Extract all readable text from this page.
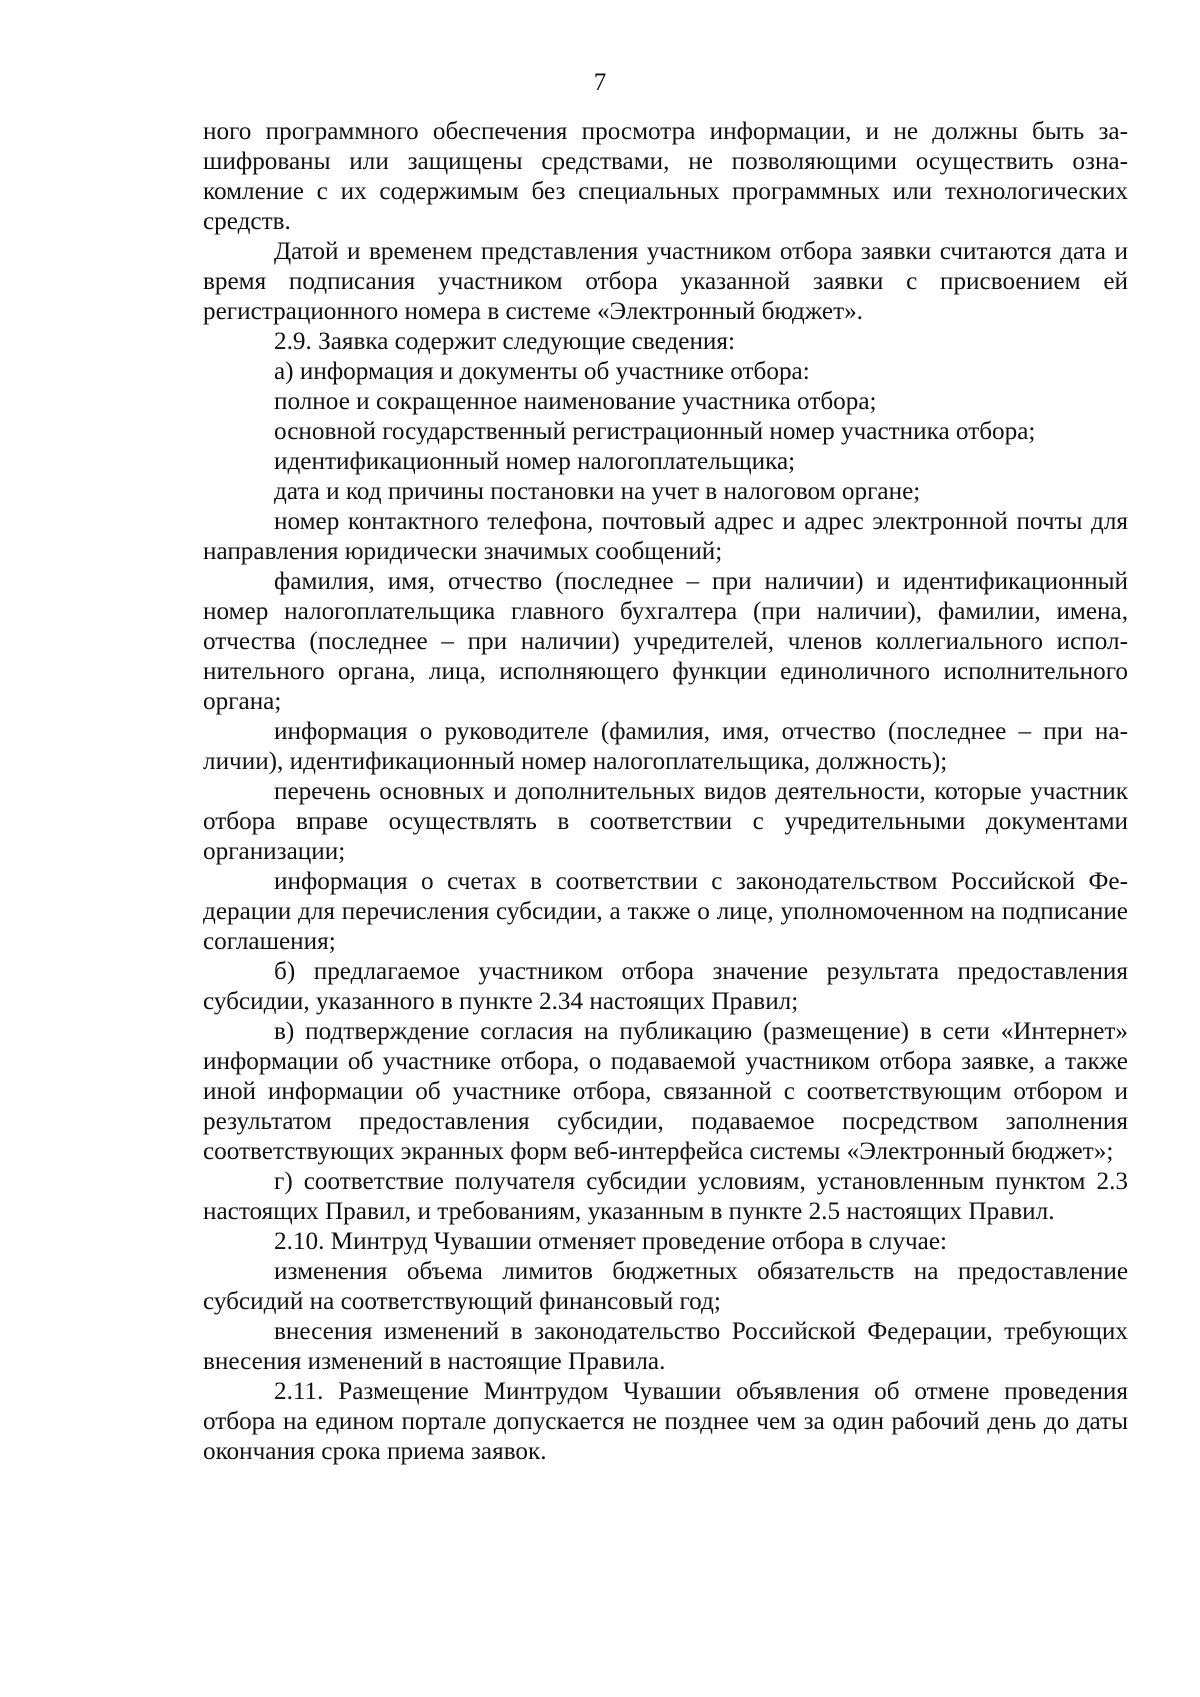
7

ного программного обеспечения просмотра информации, и не должны быть зашифрованы или защищены средствами, не позволяющими осуществить ознакомление с их содержимым без специальных программных или технологических средств.

Датой и временем представления участником отбора заявки считаются дата и время подписания участником отбора указанной заявки с присвоением ей регистрационного номера в системе «Электронный бюджет».

2.9. Заявка содержит следующие сведения:

а) информация и документы об участнике отбора:

полное и сокращенное наименование участника отбора;

основной государственный регистрационный номер участника отбора;

идентификационный номер налогоплательщика;

дата и код причины постановки на учет в налоговом органе;

номер контактного телефона, почтовый адрес и адрес электронной почты для направления юридически значимых сообщений;

фамилия, имя, отчество (последнее – при наличии) и идентификационный номер налогоплательщика главного бухгалтера (при наличии), фамилии, имена, отчества (последнее – при наличии) учредителей, членов коллегиального исполнительного органа, лица, исполняющего функции единоличного исполнительного органа;

информация о руководителе (фамилия, имя, отчество (последнее – при наличии), идентификационный номер налогоплательщика, должность);

перечень основных и дополнительных видов деятельности, которые участник отбора вправе осуществлять в соответствии с учредительными документами организации;

информация о счетах в соответствии с законодательством Российской Федерации для перечисления субсидии, а также о лице, уполномоченном на подписание соглашения;

б) предлагаемое участником отбора значение результата предоставления субсидии, указанного в пункте 2.34 настоящих Правил;

в) подтверждение согласия на публикацию (размещение) в сети «Интернет» информации об участнике отбора, о подаваемой участником отбора заявке, а также иной информации об участнике отбора, связанной с соответствующим отбором и результатом предоставления субсидии, подаваемое посредством заполнения соответствующих экранных форм веб-интерфейса системы «Электронный бюджет»;

г) соответствие получателя субсидии условиям, установленным пунктом 2.3 настоящих Правил, и требованиям, указанным в пункте 2.5 настоящих Правил.

2.10. Минтруд Чувашии отменяет проведение отбора в случае:

изменения объема лимитов бюджетных обязательств на предоставление субсидий на соответствующий финансовый год;

внесения изменений в законодательство Российской Федерации, требующих внесения изменений в настоящие Правила.

2.11. Размещение Минтрудом Чувашии объявления об отмене проведения отбора на едином портале допускается не позднее чем за один рабочий день до даты окончания срока приема заявок.
